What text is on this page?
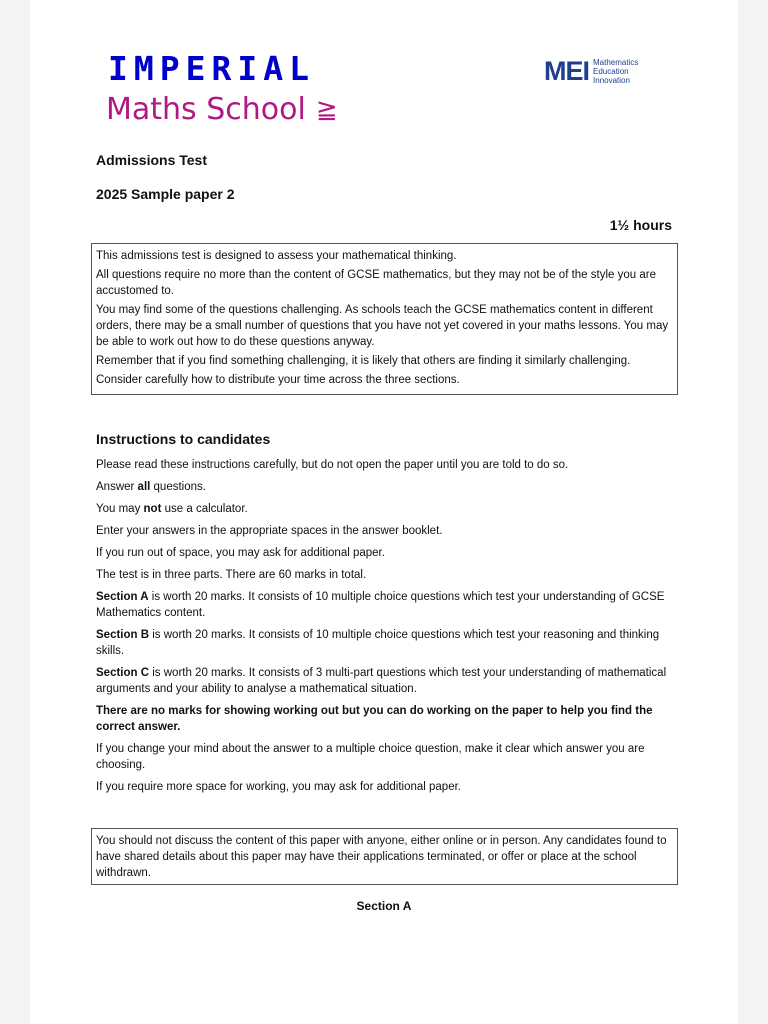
IMPERIAL
Maths School ≧
MEI Mathematics
Education
Innovation
Admissions Test
2025 Sample paper 2
1½ hours

This admissions test is designed to assess your mathematical thinking.

All questions require no more than the content of GCSE mathematics, but they may not be of the style you are accustomed to.

You may find some of the questions challenging. As schools teach the GCSE mathematics content in different orders, there may be a small number of questions that you have not yet covered in your maths lessons. You may be able to work out how to do these questions anyway.

Remember that if you find something challenging, it is likely that others are finding it similarly challenging.

Consider carefully how to distribute your time across the three sections.

Instructions to candidates

Please read these instructions carefully, but do not open the paper until you are told to do so.

Answer all questions.

You may not use a calculator.

Enter your answers in the appropriate spaces in the answer booklet.

If you run out of space, you may ask for additional paper.

The test is in three parts. There are 60 marks in total.

Section A is worth 20 marks. It consists of 10 multiple choice questions which test your understanding of GCSE Mathematics content.

Section B is worth 20 marks. It consists of 10 multiple choice questions which test your reasoning and thinking skills.

Section C is worth 20 marks. It consists of 3 multi-part questions which test your understanding of mathematical arguments and your ability to analyse a mathematical situation.

There are no marks for showing working out but you can do working on the paper to help you find the correct answer.

If you change your mind about the answer to a multiple choice question, make it clear which answer you are choosing.

If you require more space for working, you may ask for additional paper.

You should not discuss the content of this paper with anyone, either online or in person. Any candidates found to have shared details about this paper may have their applications terminated, or offer or place at the school withdrawn.

Section A
